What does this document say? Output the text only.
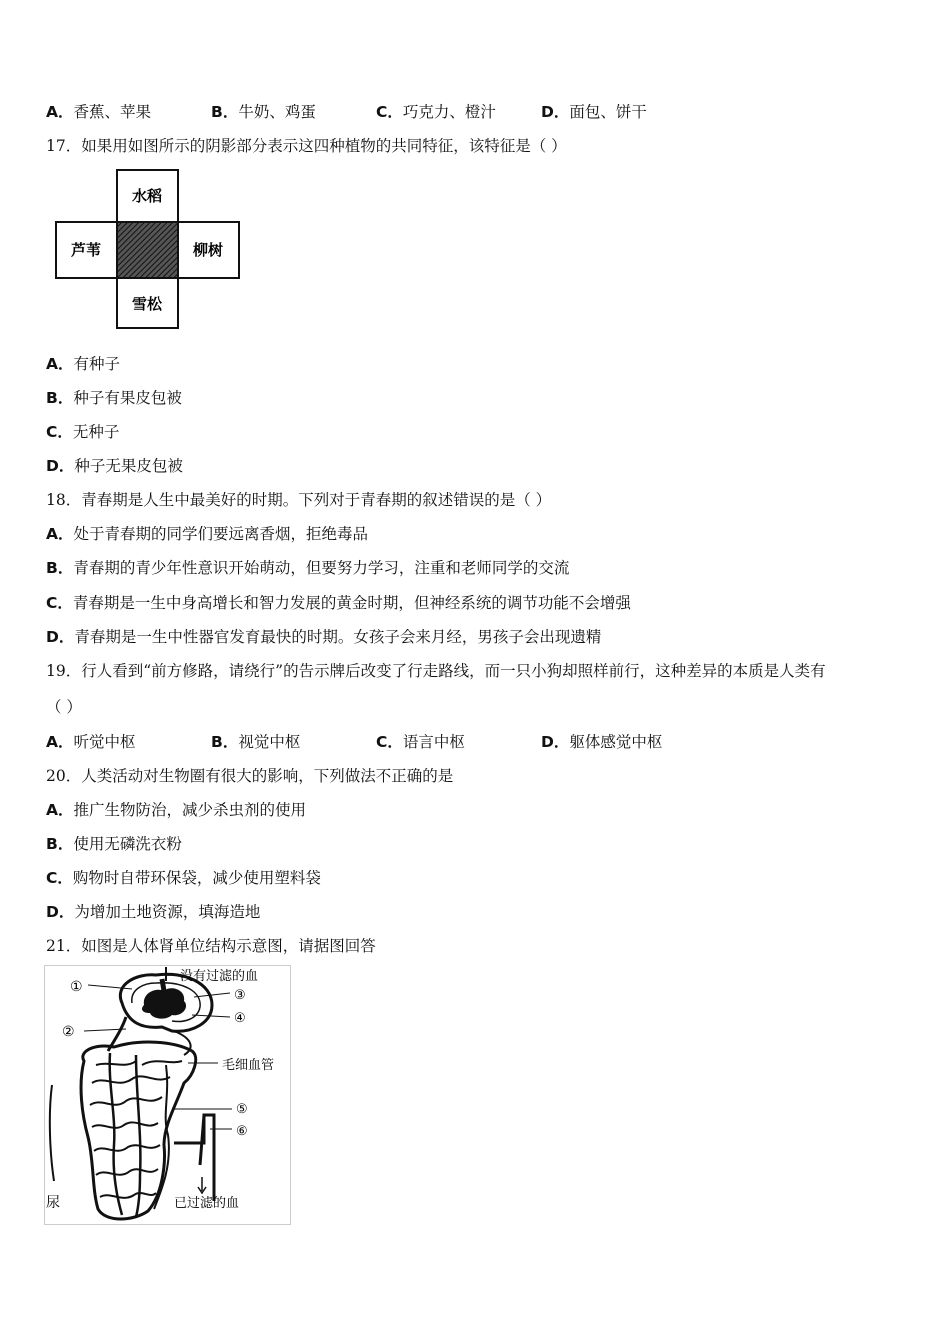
A．香蕉、苹果	B．牛奶、鸡蛋	C．巧克力、橙汁	D．面包、饼干
17．如果用如图所示的阴影部分表示这四种植物的共同特征，该特征是（ ）
水稻
芦苇	柳树
雪松
A．有种子
B．种子有果皮包被
C．无种子
D．种子无果皮包被
18．青春期是人生中最美好的时期。下列对于青春期的叙述错误的是（ ）
A．处于青春期的同学们要远离香烟，拒绝毒品
B．青春期的青少年性意识开始萌动，但要努力学习，注重和老师同学的交流
C．青春期是一生中身高增长和智力发展的黄金时期，但神经系统的调节功能不会增强
D．青春期是一生中性器官发育最快的时期。女孩子会来月经，男孩子会出现遗精
19．行人看到“前方修路，请绕行”的告示牌后改变了行走路线，而一只小狗却照样前行，这种差异的本质是人类有
（ ）
A．听觉中枢	B．视觉中枢	C．语言中枢	D．躯体感觉中枢
20．人类活动对生物圈有很大的影响，下列做法不正确的是
A．推广生物防治，减少杀虫剂的使用
B．使用无磷洗衣粉
C．购物时自带环保袋，减少使用塑料袋
D．为增加土地资源，填海造地
21．如图是人体肾单位结构示意图，请据图回答
①
没有过滤的血
③
④
②
毛细血管
⑤
⑥
尿	已过滤的血
